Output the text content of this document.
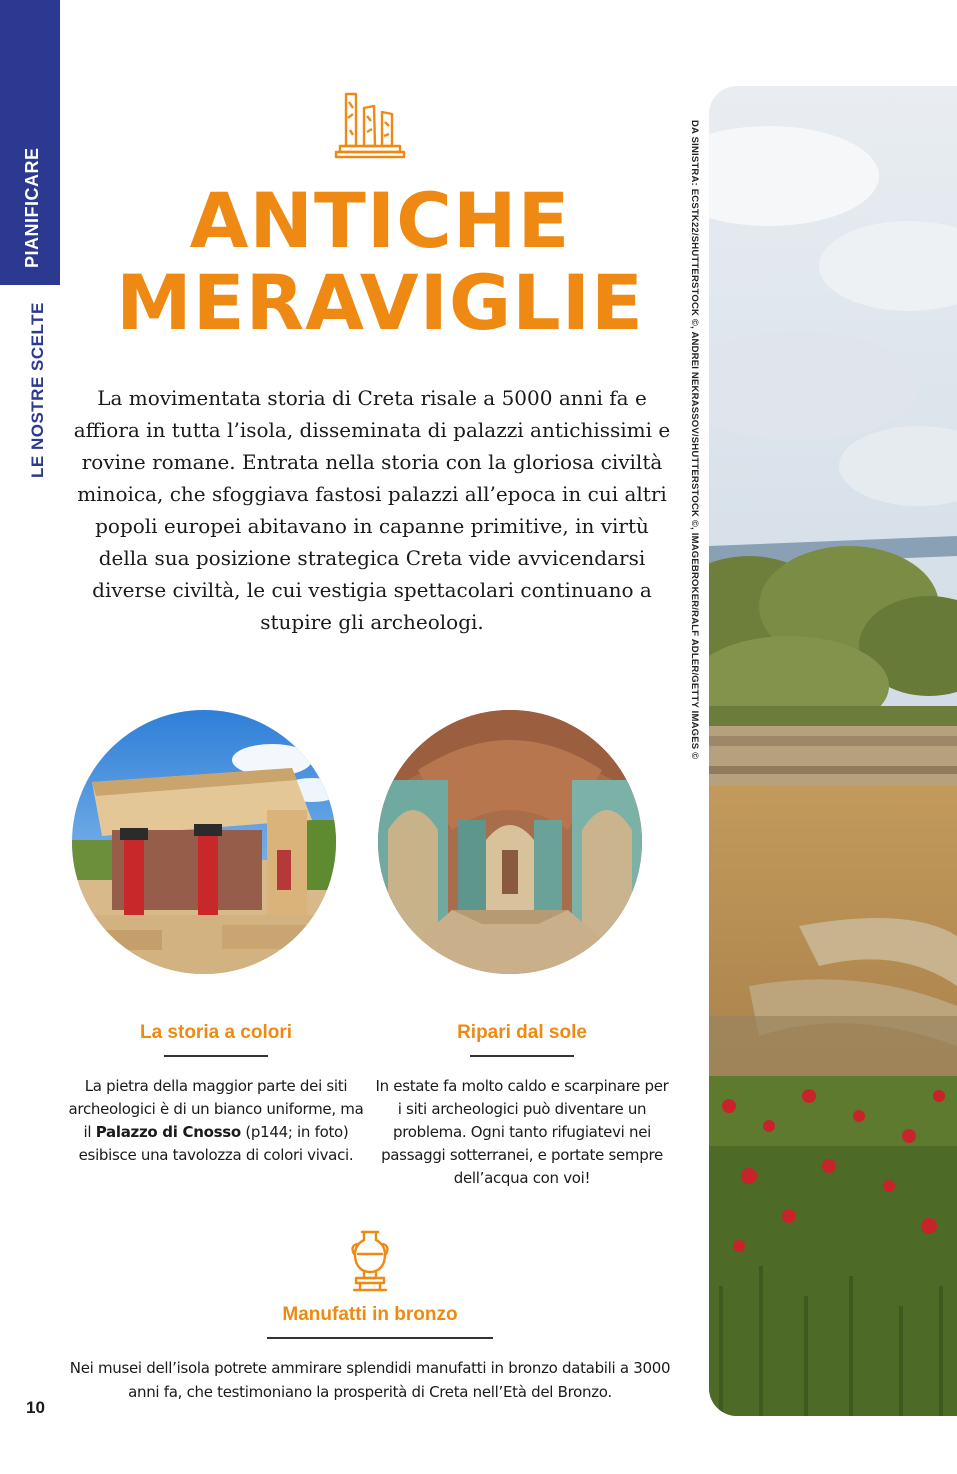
PIANIFICARE
LE NOSTRE SCELTE
ANTICHE
MERAVIGLIE

La movimentata storia di Creta risale a 5000 anni fa e affiora in tutta l’isola, disseminata di palazzi antichissimi e rovine romane. Entrata nella storia con la gloriosa civiltà minoica, che sfoggiava fastosi palazzi all’epoca in cui altri popoli europei abitavano in capanne primitive, in virtù della sua posizione strategica Creta vide avvicendarsi diverse civiltà, le cui vestigia spettacolari continuano a stupire gli archeologi.

La storia a colori

La pietra della maggior parte dei siti archeologici è di un bianco uniforme, ma il Palazzo di Cnosso (p144; in foto) esibisce una tavolozza di colori vivaci.

Ripari dal sole

In estate fa molto caldo e scarpinare per i siti archeologici può diventare un problema. Ogni tanto rifugiatevi nei passaggi sotterranei, e portate sempre dell’acqua con voi!

Manufatti in bronzo

Nei musei dell’isola potrete ammirare splendidi manufatti in bronzo databili a 3000 anni fa, che testimoniano la prosperità di Creta nell’Età del Bronzo.

10
DA SINISTRA: ECSTK22/SHUTTERSTOCK ©, ANDREI NEKRASSOV/SHUTTERSTOCK ©, IMAGEBROKER/RALF ADLER/GETTY IMAGES ©
